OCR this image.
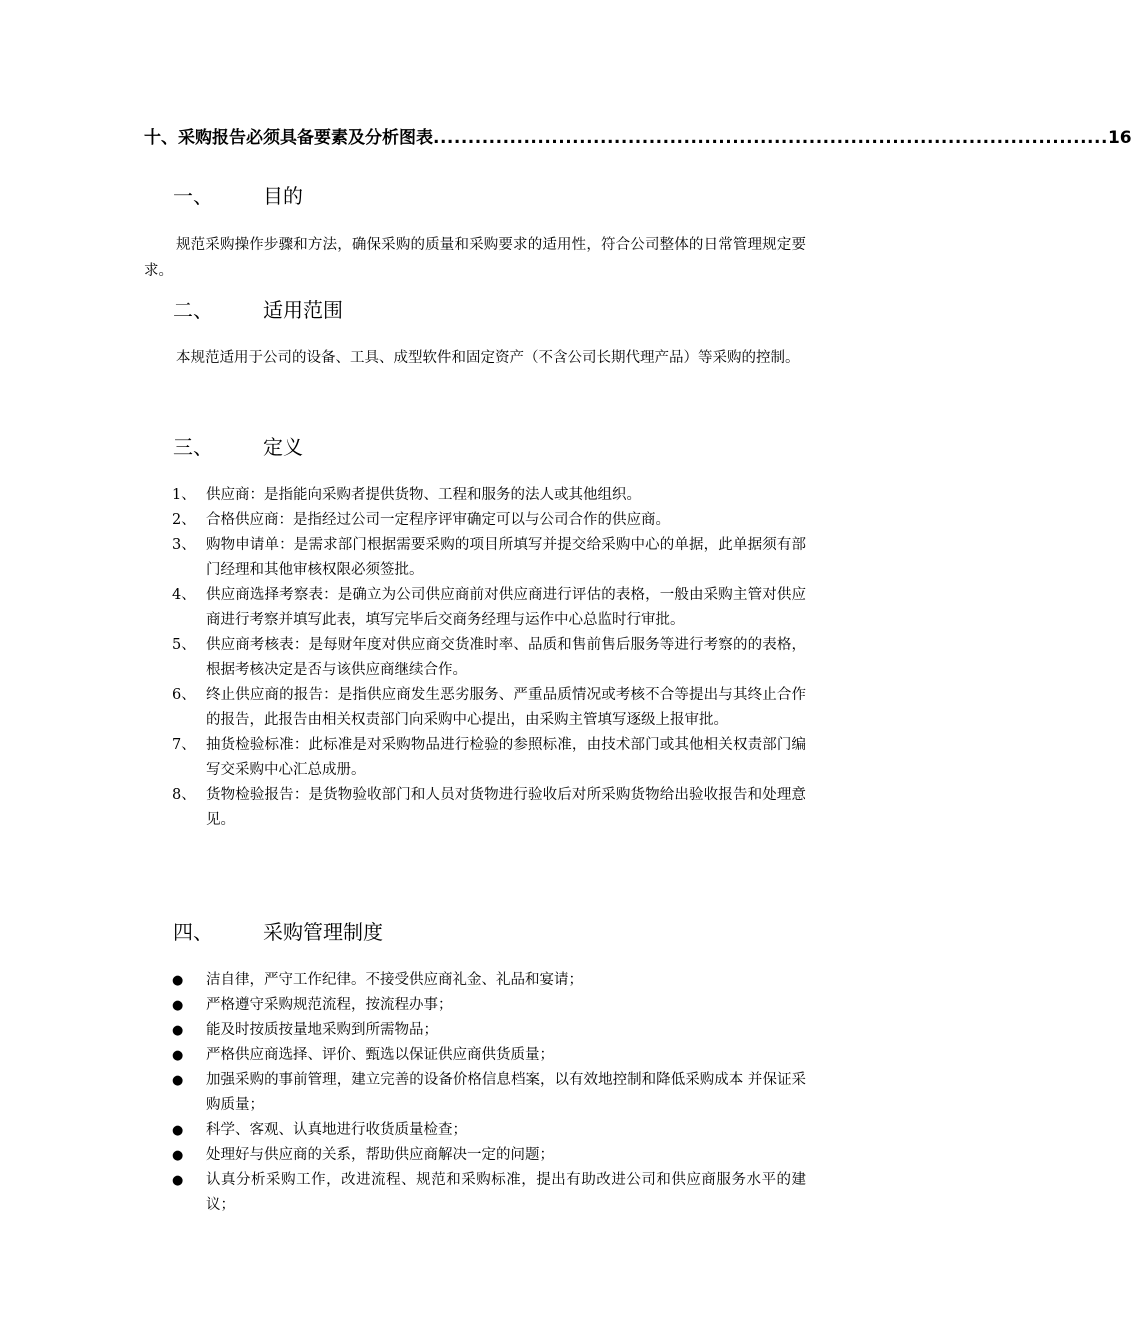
十、 采购报告必须具备要素及分析图表 ................................................................................................. 16
一、	目的

规范采购操作步骤和方法，确保采购的质量和采购要求的适用性，符合公司整体的日常管理规定要求。

二、	适用范围

本规范适用于公司的设备、工具、成型软件和固定资产（不含公司长期代理产品）等采购的控制。

三、	定义
1、 供应商：是指能向采购者提供货物、工程和服务的法人或其他组织。
2、 合格供应商：是指经过公司一定程序评审确定可以与公司合作的供应商。
3、 购物申请单：是需求部门根据需要采购的项目所填写并提交给采购中心的单据，此单据须有部门经理和其他审核权限必须签批。
4、 供应商选择考察表：是确立为公司供应商前对供应商进行评估的表格，一般由采购主管对供应商进行考察并填写此表，填写完毕后交商务经理与运作中心总监时行审批。
5、 供应商考核表：是每财年度对供应商交货准时率、品质和售前售后服务等进行考察的的表格，根据考核决定是否与该供应商继续合作。
6、 终止供应商的报告：是指供应商发生恶劣服务、严重品质情况或考核不合等提出与其终止合作的报告，此报告由相关权责部门向采购中心提出，由采购主管填写逐级上报审批。
7、 抽货检验标准：此标准是对采购物品进行检验的参照标准，由技术部门或其他相关权责部门编写交采购中心汇总成册。
8、 货物检验报告：是货物验收部门和人员对货物进行验收后对所采购货物给出验收报告和处理意见。
四、	采购管理制度
●	洁自律，严守工作纪律。不接受供应商礼金、礼品和宴请；
●	严格遵守采购规范流程，按流程办事；
●	能及时按质按量地采购到所需物品；
●	严格供应商选择、评价、甄选以保证供应商供货质量；
●	加强采购的事前管理，建立完善的设备价格信息档案，以有效地控制和降低采购成本 并保证采购质量；
●	科学、客观、认真地进行收货质量检查；
●	处理好与供应商的关系，帮助供应商解决一定的问题；
●	认真分析采购工作，改进流程、规范和采购标准，提出有助改进公司和供应商服务水平的建议；
